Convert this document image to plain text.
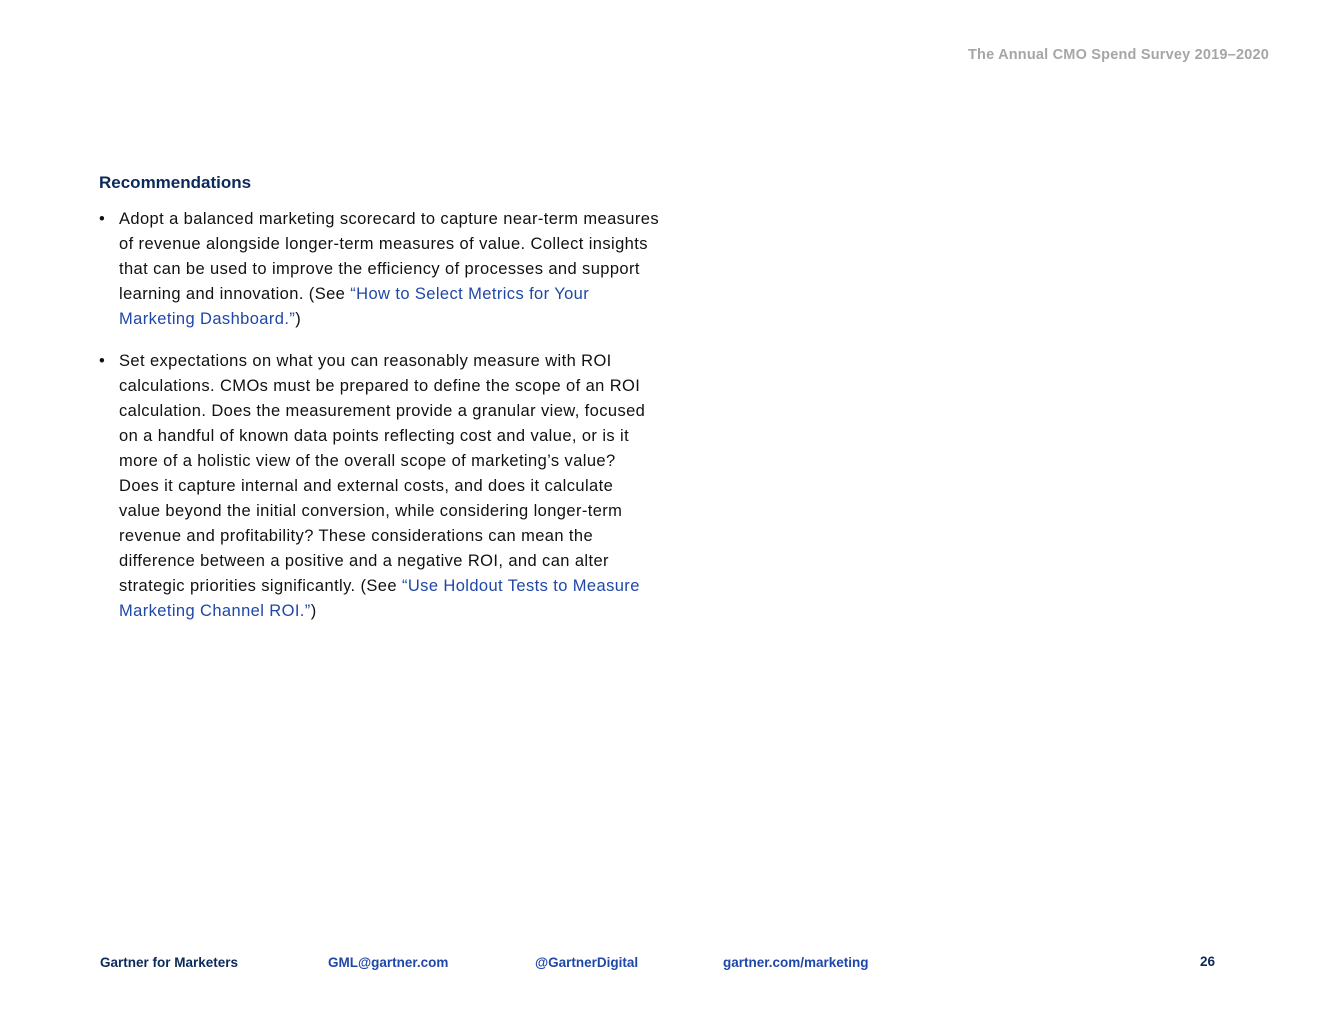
The Annual CMO Spend Survey 2019–2020
Recommendations
• Adopt a balanced marketing scorecard to capture near-term measures of revenue alongside longer-term measures of value. Collect insights that can be used to improve the efficiency of processes and support learning and innovation. (See “How to Select Metrics for Your Marketing Dashboard.”)
• Set expectations on what you can reasonably measure with ROI calculations. CMOs must be prepared to define the scope of an ROI calculation. Does the measurement provide a granular view, focused on a handful of known data points reflecting cost and value, or is it more of a holistic view of the overall scope of marketing’s value? Does it capture internal and external costs, and does it calculate value beyond the initial conversion, while considering longer-term revenue and profitability? These considerations can mean the difference between a positive and a negative ROI, and can alter strategic priorities significantly. (See “Use Holdout Tests to Measure Marketing Channel ROI.”)
Gartner for Marketers	GML@gartner.com	@GartnerDigital	gartner.com/marketing	26
